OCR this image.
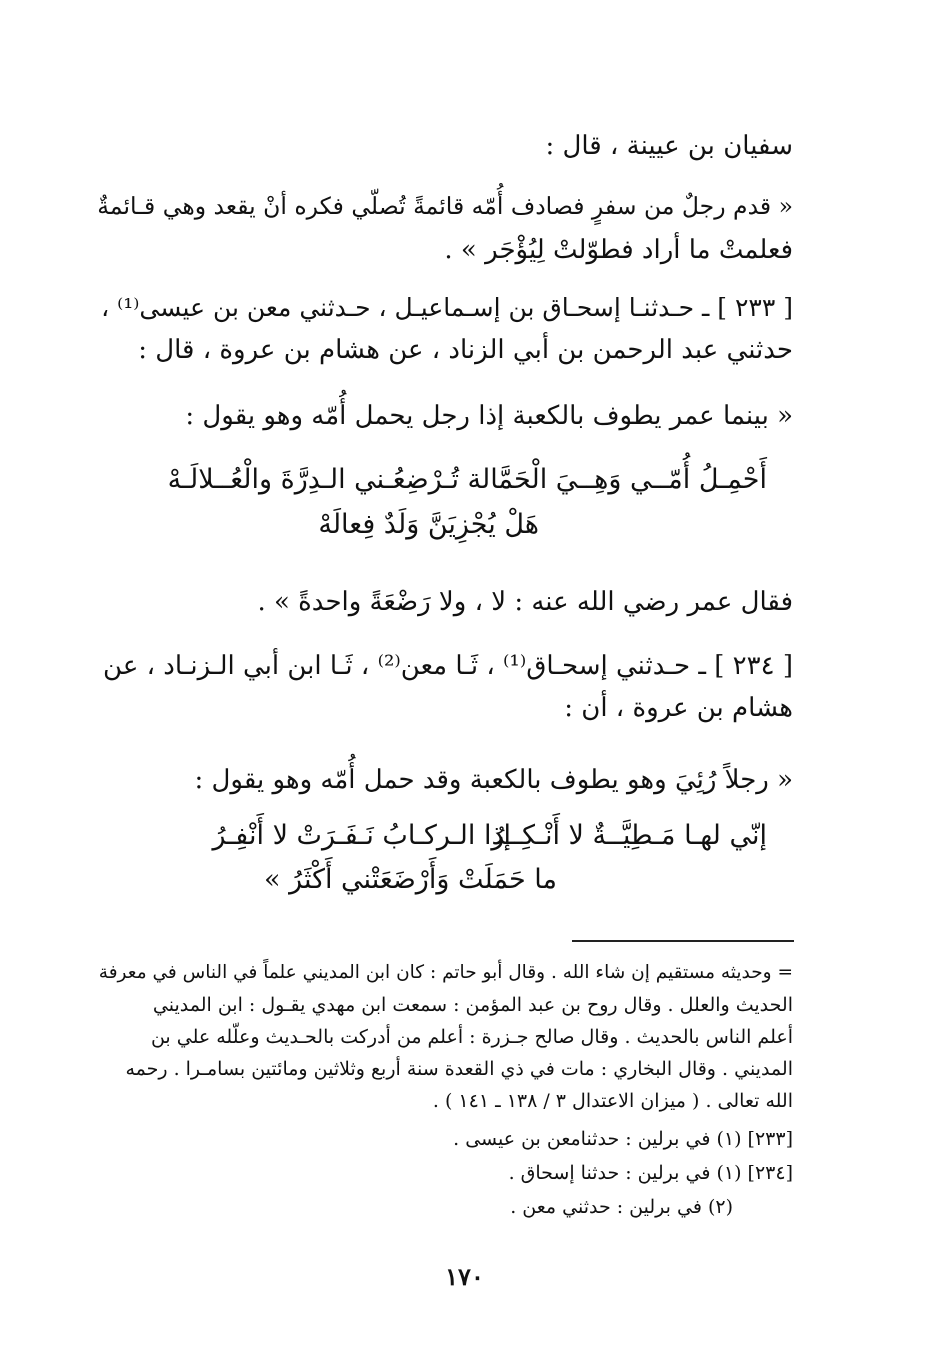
سفيان بن عيينة ، قال :
« قدم رجلٌ من سفرٍ فصادف أُمّه قائمةً تُصلّي فكره أنْ يقعد وهي قـائمةٌ
فعلمتْ ما أراد فطوّلتْ لِيُؤْجَر » .
[ ٢٣٣ ] ـ حـدثنـا إسحـاق بن إسـماعيـل ، حـدثني معن بن عيسى⁽¹⁾ ،
حدثني عبد الرحمن بن أبي الزناد ، عن هشام بن عروة ، قال :
« بينما عمر يطوف بالكعبة إذا رجل يحمل أُمّه وهو يقول :
أَحْمِـلُ أُمّــي وَهِــيَ الْحَمَّالة
تُـرْضِعُـني الـدِرَّةَ والْعُــلالَـهْ
هَلْ يُجْزِيَنَّ وَلَدٌ فِعالَهْ
فقال عمر رضي الله عنه : لا ، ولا رَضْعَةً واحدةً » .
[ ٢٣٤ ] ـ حـدثني إسحـاق⁽¹⁾ ، ثَـا معن⁽²⁾ ، ثَـا ابن أبي الـزنـاد ، عن
هشام بن عروة ، أن :
« رجلاً رُئِيَ وهو يطوف بالكعبة وقد حمل أُمّه وهو يقول :
إنّي لهـا مَـطِيَّــةٌ لا أَنْـكِــرُ
إذا الـركـابُ نَـفَـرَتْ لا أَنْفِـرُ
ما حَمَلَتْ وَأَرْضَعَتْني أَكْثَرُ »
= وحديثه مستقيم إن شاء الله . وقال أبو حاتم : كان ابن المديني علماً في الناس في معرفة
الحديث والعلل . وقال روح بن عبد المؤمن : سمعت ابن مهدي يقـول : ابن المديني
أعلم الناس بالحديث . وقال صالح جـزرة : أعلم من أدركت بالحـديث وعلّله علي بن
المديني . وقال البخاري : مات في ذي القعدة سنة أربع وثلاثين ومائتين بسامـرا . رحمه
الله تعالى . ( ميزان الاعتدال ٣ / ١٣٨ ـ ١٤١ ) .
[٢٣٣] (١) في برلين : حدثنامعن بن عيسى .
[٢٣٤] (١) في برلين : حدثنا إسحاق .
(٢) في برلين : حدثني معن .
١٧٠
